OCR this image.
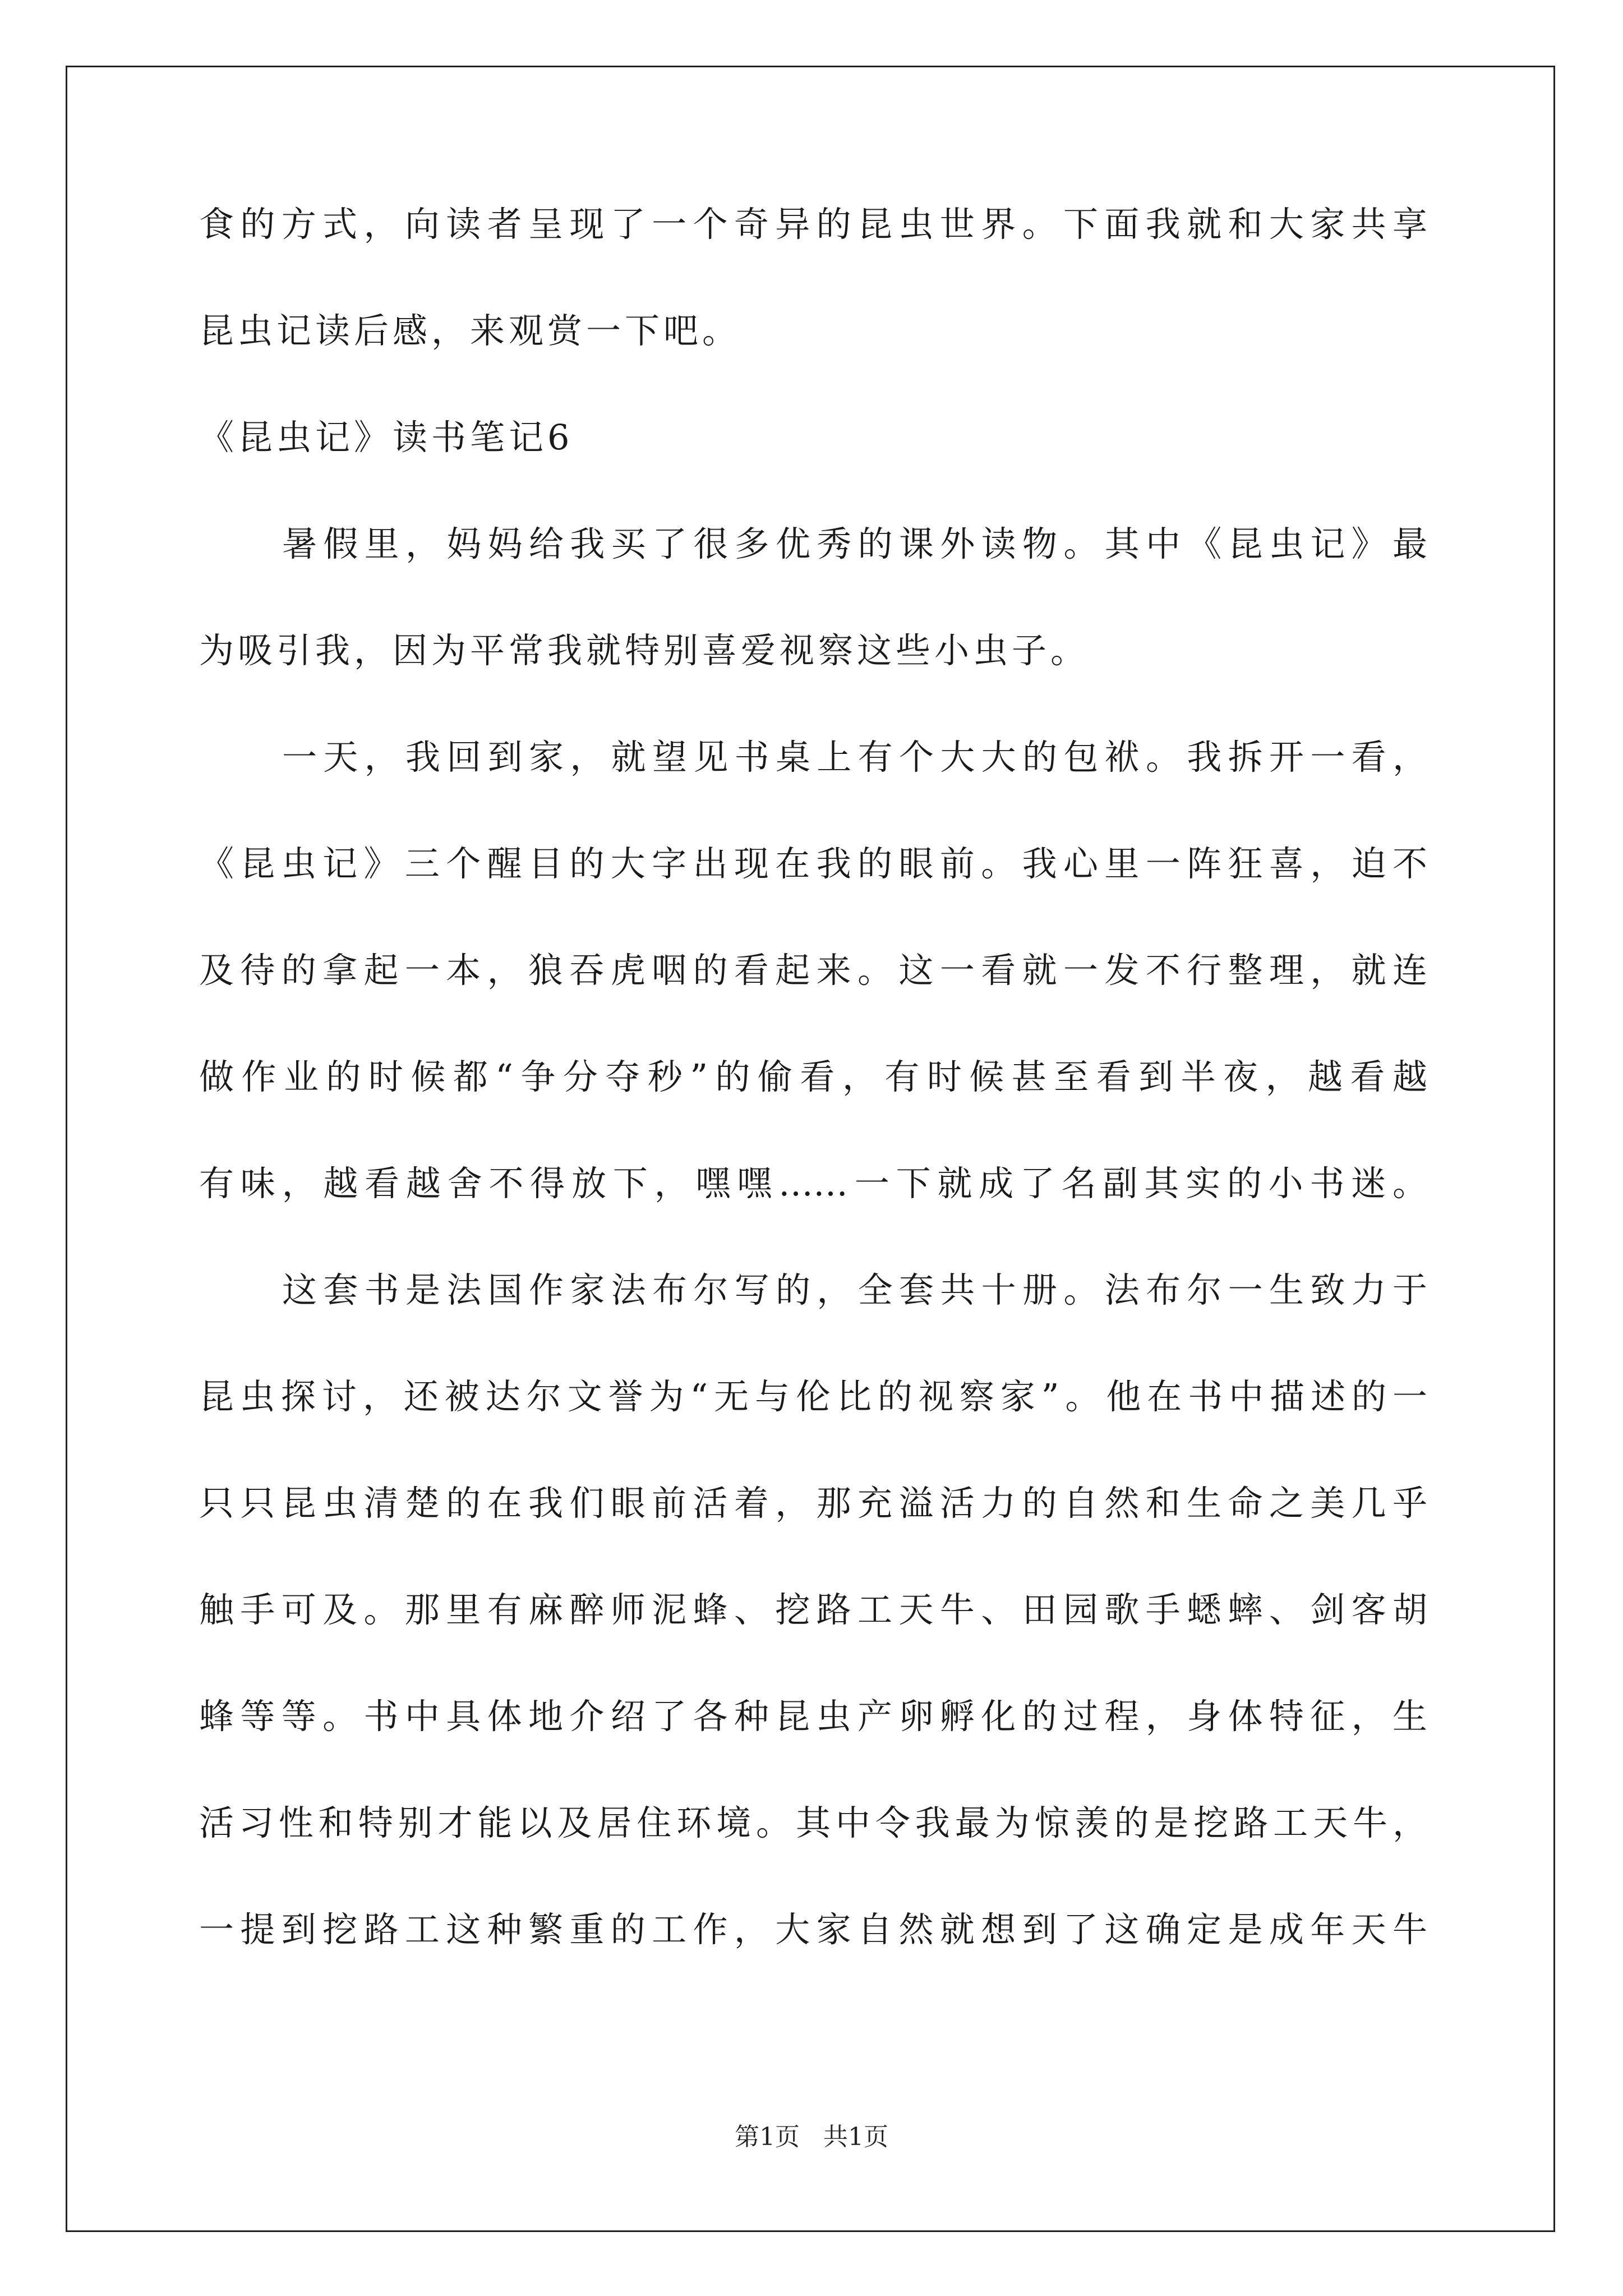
食的方式，向读者呈现了一个奇异的昆虫世界。下面我就和大家共享
昆虫记读后感，来观赏一下吧。
《昆虫记》读书笔记6
暑假里，妈妈给我买了很多优秀的课外读物。其中《昆虫记》最
为吸引我，因为平常我就特别喜爱视察这些小虫子。
一天，我回到家，就望见书桌上有个大大的包袱。我拆开一看，
《昆虫记》三个醒目的大字出现在我的眼前。我心里一阵狂喜，迫不
及待的拿起一本，狼吞虎咽的看起来。这一看就一发不行整理，就连
做作业的时候都“争分夺秒”的偷看，有时候甚至看到半夜，越看越
有味，越看越舍不得放下，嘿嘿……一下就成了名副其实的小书迷。
这套书是法国作家法布尔写的，全套共十册。法布尔一生致力于
昆虫探讨，还被达尔文誉为“无与伦比的视察家”。他在书中描述的一
只只昆虫清楚的在我们眼前活着，那充溢活力的自然和生命之美几乎
触手可及。那里有麻醉师泥蜂、挖路工天牛、田园歌手蟋蟀、剑客胡
蜂等等。书中具体地介绍了各种昆虫产卵孵化的过程，身体特征，生
活习性和特别才能以及居住环境。其中令我最为惊羡的是挖路工天牛，
一提到挖路工这种繁重的工作，大家自然就想到了这确定是成年天牛
第1页 共1页
